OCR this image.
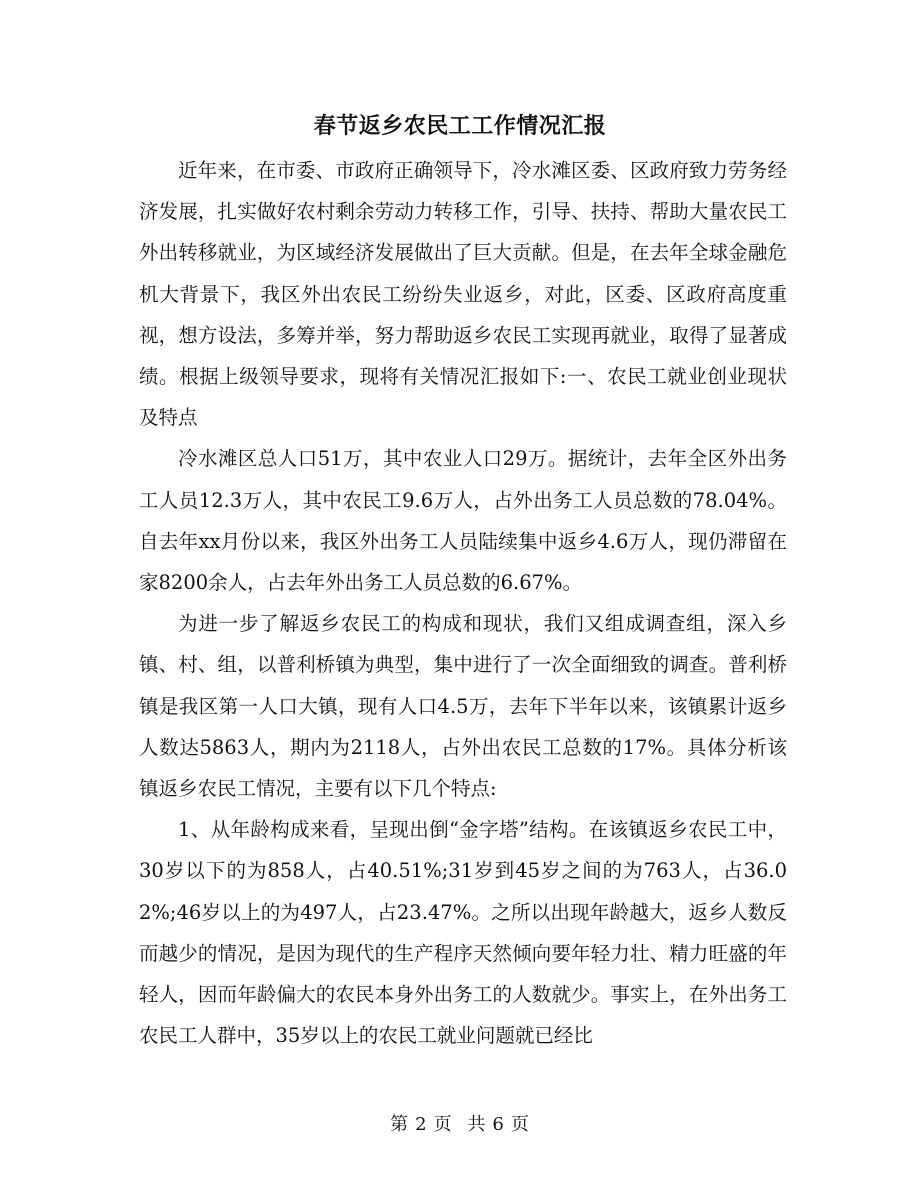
春节返乡农民工工作情况汇报

近年来，在市委、市政府正确领导下，冷水滩区委、区政府致力劳务经济发展，扎实做好农村剩余劳动力转移工作，引导、扶持、帮助大量农民工外出转移就业，为区域经济发展做出了巨大贡献。但是，在去年全球金融危机大背景下，我区外出农民工纷纷失业返乡，对此，区委、区政府高度重视，想方设法，多筹并举，努力帮助返乡农民工实现再就业，取得了显著成绩。根据上级领导要求，现将有关情况汇报如下:一、农民工就业创业现状及特点

冷水滩区总人口51万，其中农业人口29万。据统计，去年全区外出务工人员12.3万人，其中农民工9.6万人，占外出务工人员总数的78.04%。自去年xx月份以来，我区外出务工人员陆续集中返乡4.6万人，现仍滞留在家8200余人，占去年外出务工人员总数的6.67%。

为进一步了解返乡农民工的构成和现状，我们又组成调查组，深入乡镇、村、组，以普利桥镇为典型，集中进行了一次全面细致的调查。普利桥镇是我区第一人口大镇，现有人口4.5万，去年下半年以来，该镇累计返乡人数达5863人，期内为2118人，占外出农民工总数的17%。具体分析该镇返乡农民工情况，主要有以下几个特点:

1、从年龄构成来看，呈现出倒“金字塔”结构。在该镇返乡农民工中，30岁以下的为858人，占40.51%;31岁到45岁之间的为763人，占36.02%;46岁以上的为497人，占23.47%。之所以出现年龄越大，返乡人数反而越少的情况，是因为现代的生产程序天然倾向要年轻力壮、精力旺盛的年轻人，因而年龄偏大的农民本身外出务工的人数就少。事实上，在外出务工农民工人群中，35岁以上的农民工就业问题就已经比

第 2 页 共 6 页
